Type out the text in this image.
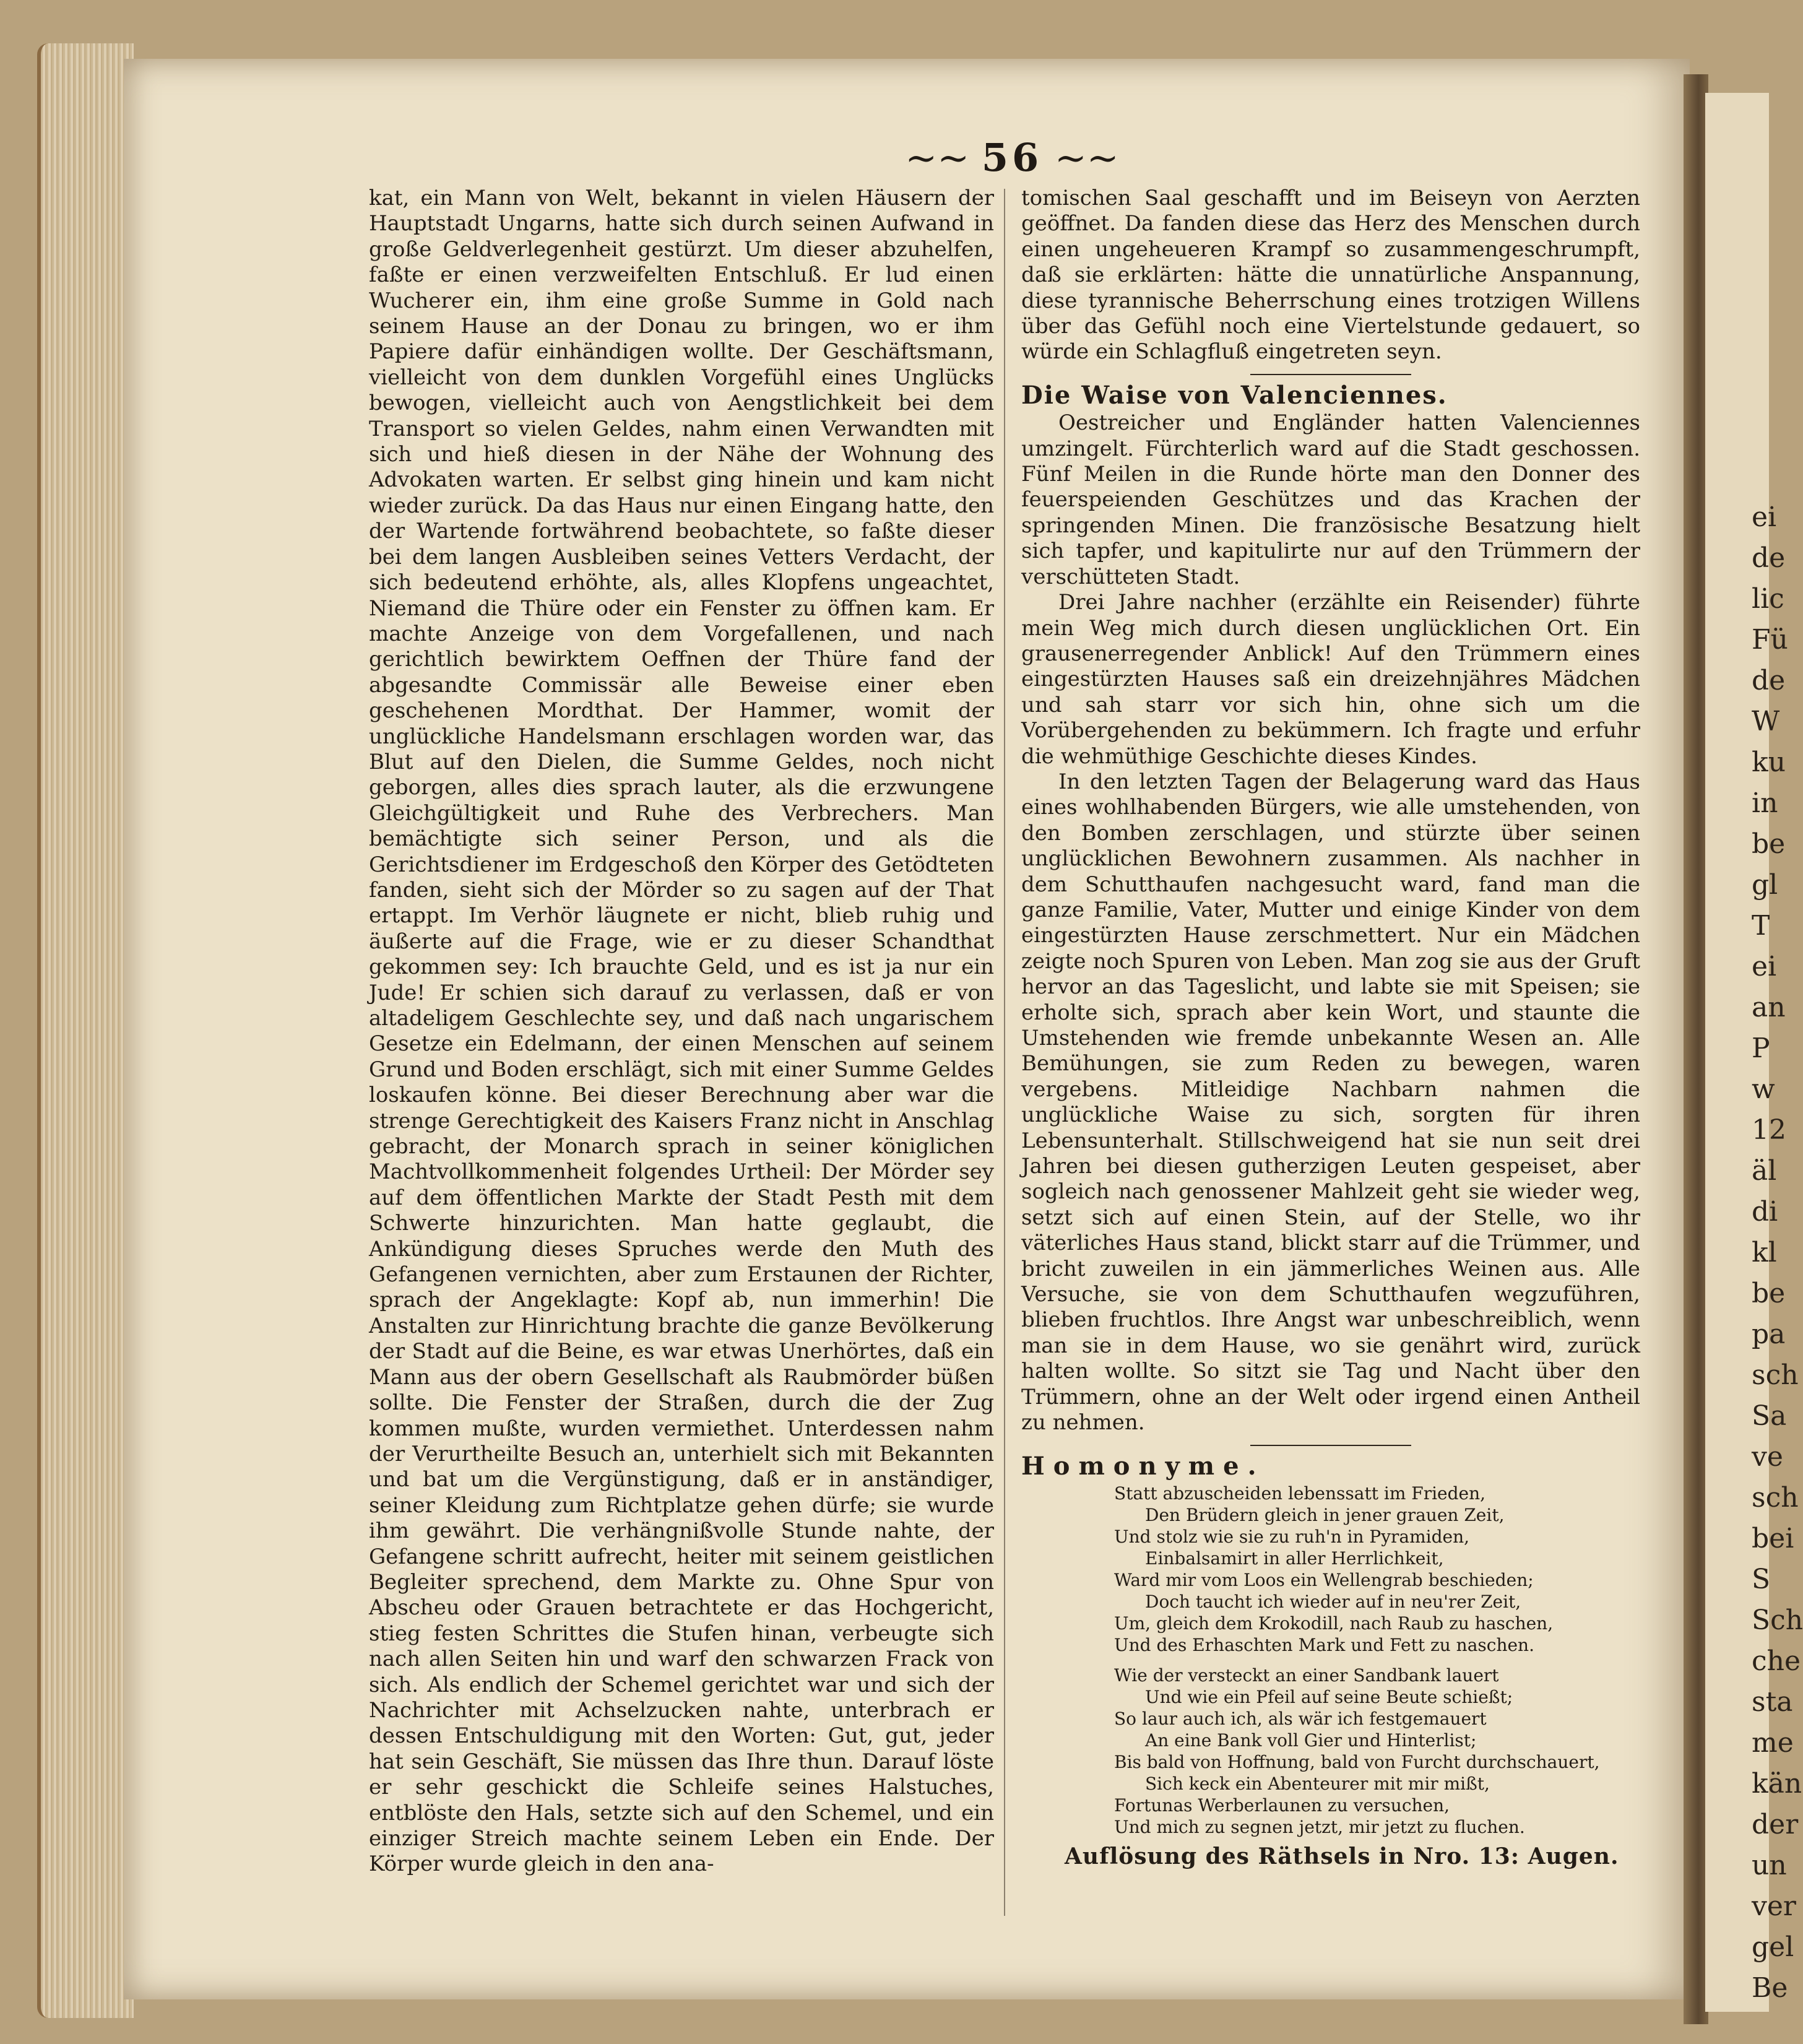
~~ 56 ~~

kat, ein Mann von Welt, bekannt in vielen Häusern der Hauptstadt Ungarns, hatte sich durch seinen Aufwand in große Geldverlegenheit gestürzt. Um dieser abzuhelfen, faßte er einen verzweifelten Entschluß. Er lud einen Wucherer ein, ihm eine große Summe in Gold nach seinem Hause an der Donau zu bringen, wo er ihm Papiere dafür einhändigen wollte. Der Geschäftsmann, vielleicht von dem dunklen Vorgefühl eines Unglücks bewogen, vielleicht auch von Aengstlichkeit bei dem Transport so vielen Geldes, nahm einen Verwandten mit sich und hieß diesen in der Nähe der Wohnung des Advokaten warten. Er selbst ging hinein und kam nicht wieder zurück. Da das Haus nur einen Eingang hatte, den der Wartende fortwährend beobachtete, so faßte dieser bei dem langen Ausbleiben seines Vetters Verdacht, der sich bedeutend erhöhte, als, alles Klopfens ungeachtet, Niemand die Thüre oder ein Fenster zu öffnen kam. Er machte Anzeige von dem Vorgefallenen, und nach gerichtlich bewirktem Oeffnen der Thüre fand der abgesandte Commissär alle Beweise einer eben geschehenen Mordthat. Der Hammer, womit der unglückliche Handelsmann erschlagen worden war, das Blut auf den Dielen, die Summe Geldes, noch nicht geborgen, alles dies sprach lauter, als die erzwungene Gleichgültigkeit und Ruhe des Verbrechers. Man bemächtigte sich seiner Person, und als die Gerichtsdiener im Erdgeschoß den Körper des Getödteten fanden, sieht sich der Mörder so zu sagen auf der That ertappt. Im Verhör läugnete er nicht, blieb ruhig und äußerte auf die Frage, wie er zu dieser Schandthat gekommen sey: Ich brauchte Geld, und es ist ja nur ein Jude! Er schien sich darauf zu verlassen, daß er von altadeligem Geschlechte sey, und daß nach ungarischem Gesetze ein Edelmann, der einen Menschen auf seinem Grund und Boden erschlägt, sich mit einer Summe Geldes loskaufen könne. Bei dieser Berechnung aber war die strenge Gerechtigkeit des Kaisers Franz nicht in Anschlag gebracht, der Monarch sprach in seiner königlichen Machtvollkommenheit folgendes Urtheil: Der Mörder sey auf dem öffentlichen Markte der Stadt Pesth mit dem Schwerte hinzurichten. Man hatte geglaubt, die Ankündigung dieses Spruches werde den Muth des Gefangenen vernichten, aber zum Erstaunen der Richter, sprach der Angeklagte: Kopf ab, nun immerhin! Die Anstalten zur Hinrichtung brachte die ganze Bevölkerung der Stadt auf die Beine, es war etwas Unerhörtes, daß ein Mann aus der obern Gesellschaft als Raubmörder büßen sollte. Die Fenster der Straßen, durch die der Zug kommen mußte, wurden vermiethet. Unterdessen nahm der Verurtheilte Besuch an, unterhielt sich mit Bekannten und bat um die Vergünstigung, daß er in anständiger, seiner Kleidung zum Richtplatze gehen dürfe; sie wurde ihm gewährt. Die verhängnißvolle Stunde nahte, der Gefangene schritt aufrecht, heiter mit seinem geistlichen Begleiter sprechend, dem Markte zu. Ohne Spur von Abscheu oder Grauen betrachtete er das Hochgericht, stieg festen Schrittes die Stufen hinan, verbeugte sich nach allen Seiten hin und warf den schwarzen Frack von sich. Als endlich der Schemel gerichtet war und sich der Nachrichter mit Achselzucken nahte, unterbrach er dessen Entschuldigung mit den Worten: Gut, gut, jeder hat sein Geschäft, Sie müssen das Ihre thun. Darauf löste er sehr geschickt die Schleife seines Halstuches, entblöste den Hals, setzte sich auf den Schemel, und ein einziger Streich machte seinem Leben ein Ende. Der Körper wurde gleich in den ana-

tomischen Saal geschafft und im Beiseyn von Aerzten geöffnet. Da fanden diese das Herz des Menschen durch einen ungeheueren Krampf so zusammengeschrumpft, daß sie erklärten: hätte die unnatürliche Anspannung, diese tyrannische Beherrschung eines trotzigen Willens über das Gefühl noch eine Viertelstunde gedauert, so würde ein Schlagfluß eingetreten seyn.

Die Waise von Valenciennes.

Oestreicher und Engländer hatten Valenciennes umzingelt. Fürchterlich ward auf die Stadt geschossen. Fünf Meilen in die Runde hörte man den Donner des feuerspeienden Geschützes und das Krachen der springenden Minen. Die französische Besatzung hielt sich tapfer, und kapitulirte nur auf den Trümmern der verschütteten Stadt.

Drei Jahre nachher (erzählte ein Reisender) führte mein Weg mich durch diesen unglücklichen Ort. Ein grausenerregender Anblick! Auf den Trümmern eines eingestürzten Hauses saß ein dreizehnjähres Mädchen und sah starr vor sich hin, ohne sich um die Vorübergehenden zu bekümmern. Ich fragte und erfuhr die wehmüthige Geschichte dieses Kindes.

In den letzten Tagen der Belagerung ward das Haus eines wohlhabenden Bürgers, wie alle umstehenden, von den Bomben zerschlagen, und stürzte über seinen unglücklichen Bewohnern zusammen. Als nachher in dem Schutthaufen nachgesucht ward, fand man die ganze Familie, Vater, Mutter und einige Kinder von dem eingestürzten Hause zerschmettert. Nur ein Mädchen zeigte noch Spuren von Leben. Man zog sie aus der Gruft hervor an das Tageslicht, und labte sie mit Speisen; sie erholte sich, sprach aber kein Wort, und staunte die Umstehenden wie fremde unbekannte Wesen an. Alle Bemühungen, sie zum Reden zu bewegen, waren vergebens. Mitleidige Nachbarn nahmen die unglückliche Waise zu sich, sorgten für ihren Lebensunterhalt. Stillschweigend hat sie nun seit drei Jahren bei diesen gutherzigen Leuten gespeiset, aber sogleich nach genossener Mahlzeit geht sie wieder weg, setzt sich auf einen Stein, auf der Stelle, wo ihr väterliches Haus stand, blickt starr auf die Trümmer, und bricht zuweilen in ein jämmerliches Weinen aus. Alle Versuche, sie von dem Schutthaufen wegzuführen, blieben fruchtlos. Ihre Angst war unbeschreiblich, wenn man sie in dem Hause, wo sie genährt wird, zurück halten wollte. So sitzt sie Tag und Nacht über den Trümmern, ohne an der Welt oder irgend einen Antheil zu nehmen.

Homonyme.
Statt abzuscheiden lebenssatt im Frieden,
Den Brüdern gleich in jener grauen Zeit,
Und stolz wie sie zu ruh'n in Pyramiden,
Einbalsamirt in aller Herrlichkeit,
Ward mir vom Loos ein Wellengrab beschieden;
Doch taucht ich wieder auf in neu'rer Zeit,
Um, gleich dem Krokodill, nach Raub zu haschen,
Und des Erhaschten Mark und Fett zu naschen.
Wie der versteckt an einer Sandbank lauert
Und wie ein Pfeil auf seine Beute schießt;
So laur auch ich, als wär ich festgemauert
An eine Bank voll Gier und Hinterlist;
Bis bald von Hoffnung, bald von Furcht durchschauert,
Sich keck ein Abenteurer mit mir mißt,
Fortunas Werberlaunen zu versuchen,
Und mich zu segnen jetzt, mir jetzt zu fluchen.
Auflösung des Räthsels in Nro. 13: Augen.
ei
de
lic
Fü
de
W
ku
in
be
gl
T
ei
an
P
w
12
äl
di
kl
be
pa
sch
Sa
ve
sch
bei
S
Sch
che
sta
me
kän
der
un
ver
gel
Be
